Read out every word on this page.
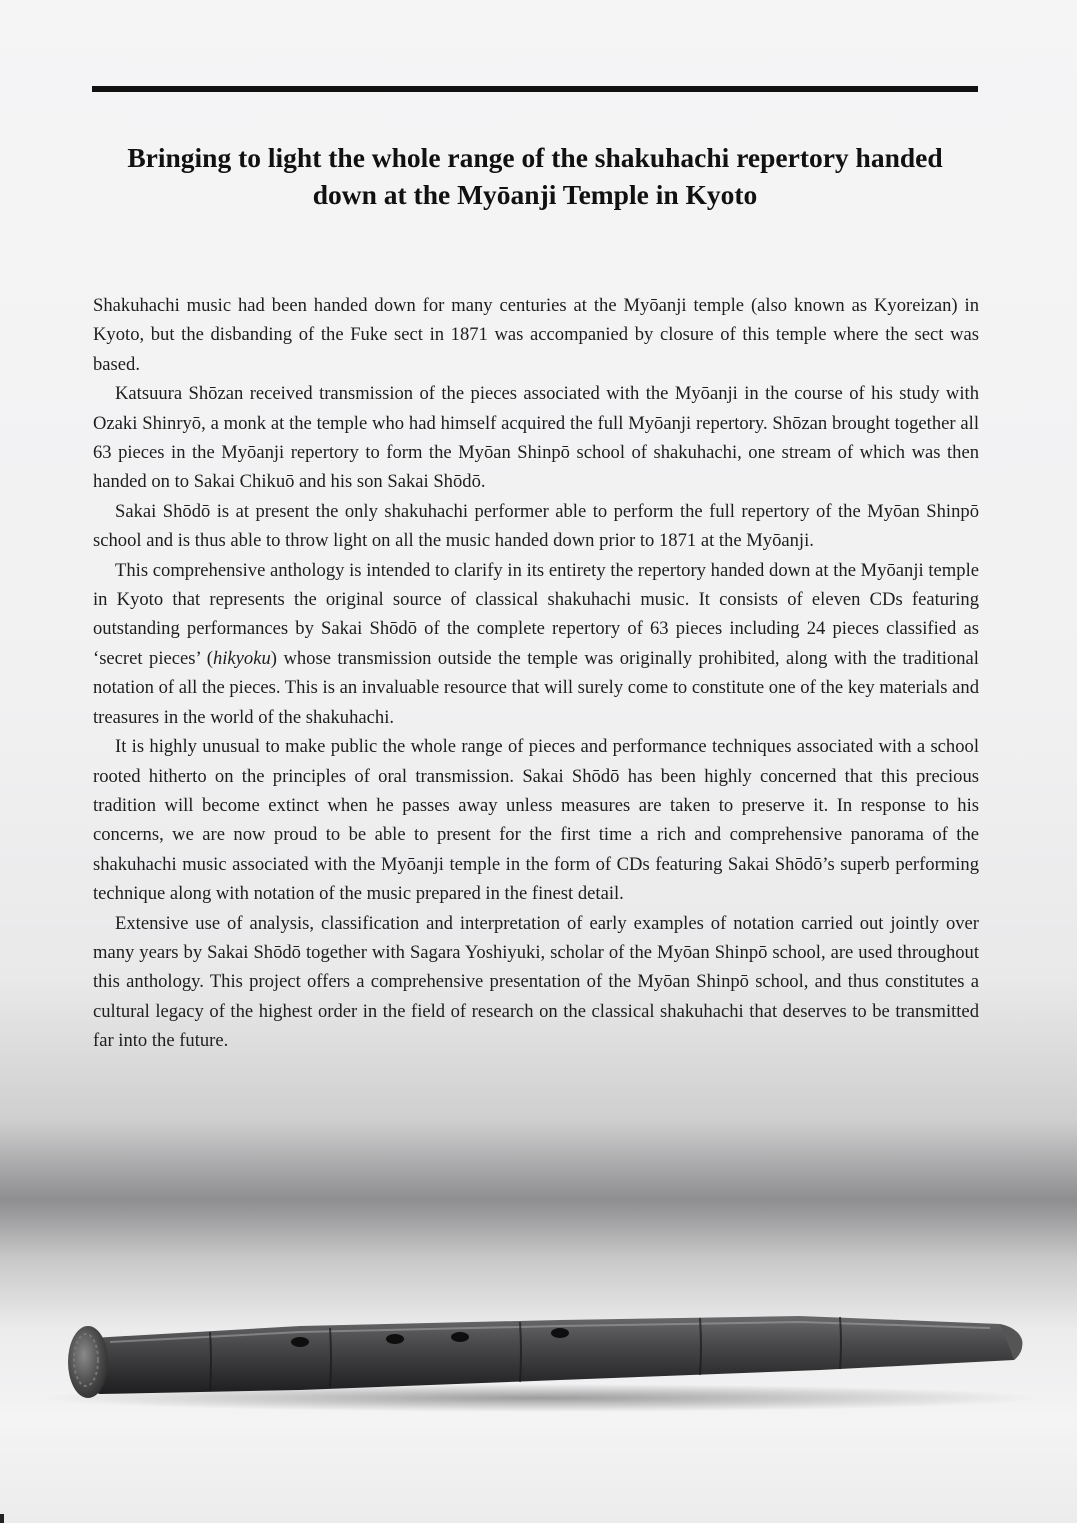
Bringing to light the whole range of the shakuhachi repertory handed
down at the Myōanji Temple in Kyoto

Shakuhachi music had been handed down for many centuries at the Myōanji temple (also known as Kyoreizan) in Kyoto, but the disbanding of the Fuke sect in 1871 was accompanied by closure of this temple where the sect was based.

Katsuura Shōzan received transmission of the pieces associated with the Myōanji in the course of his study with Ozaki Shinryō, a monk at the temple who had himself acquired the full Myōanji repertory. Shōzan brought together all 63 pieces in the Myōanji repertory to form the Myōan Shinpō school of shakuhachi, one stream of which was then handed on to Sakai Chikuō and his son Sakai Shōdō.

Sakai Shōdō is at present the only shakuhachi performer able to perform the full repertory of the Myōan Shinpō school and is thus able to throw light on all the music handed down prior to 1871 at the Myōanji.

This comprehensive anthology is intended to clarify in its entirety the repertory handed down at the Myōanji temple in Kyoto that represents the original source of classical shakuhachi music. It consists of eleven CDs featuring outstanding performances by Sakai Shōdō of the complete repertory of 63 pieces including 24 pieces classified as ‘secret pieces’ (hikyoku) whose transmission outside the temple was originally prohibited, along with the traditional notation of all the pieces. This is an invaluable resource that will surely come to constitute one of the key materials and treasures in the world of the shakuhachi.

It is highly unusual to make public the whole range of pieces and performance techniques associated with a school rooted hitherto on the principles of oral transmission. Sakai Shōdō has been highly concerned that this precious tradition will become extinct when he passes away unless measures are taken to preserve it. In response to his concerns, we are now proud to be able to present for the first time a rich and comprehensive panorama of the shakuhachi music associated with the Myōanji temple in the form of CDs featuring Sakai Shōdō’s superb performing technique along with notation of the music prepared in the finest detail.

Extensive use of analysis, classification and interpretation of early examples of notation carried out jointly over many years by Sakai Shōdō together with Sagara Yoshiyuki, scholar of the Myōan Shinpō school, are used throughout this anthology. This project offers a comprehensive presentation of the Myōan Shinpō school, and thus constitutes a cultural legacy of the highest order in the field of research on the classical shakuhachi that deserves to be transmitted far into the future.
